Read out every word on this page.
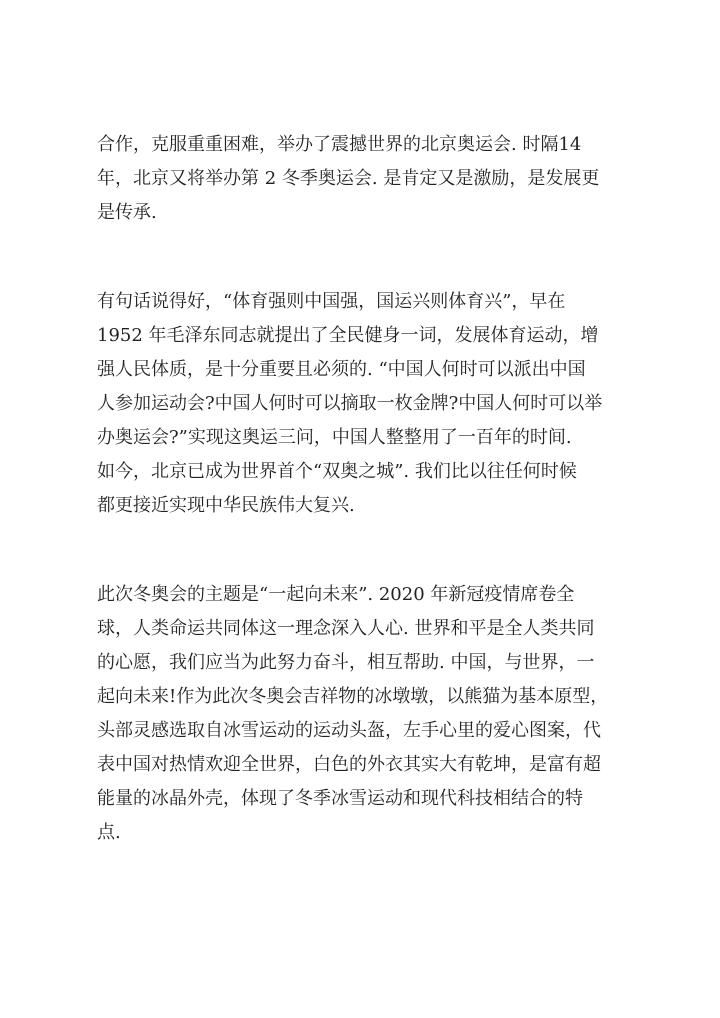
合作，克服重重困难，举办了震撼世界的北京奥运会. 时隔14
年，北京又将举办第 2 冬季奥运会. 是肯定又是激励，是发展更
是传承.

有句话说得好，“体育强则中国强，国运兴则体育兴”，早在
1952 年毛泽东同志就提出了全民健身一词，发展体育运动，增
强人民体质，是十分重要且必须的. “中国人何时可以派出中国
人参加运动会?中国人何时可以摘取一枚金牌?中国人何时可以举
办奥运会?”实现这奥运三问，中国人整整用了一百年的时间.
如今，北京已成为世界首个“双奥之城”. 我们比以往任何时候
都更接近实现中华民族伟大复兴.

此次冬奥会的主题是“一起向未来”. 2020 年新冠疫情席卷全
球，人类命运共同体这一理念深入人心. 世界和平是全人类共同
的心愿，我们应当为此努力奋斗，相互帮助. 中国，与世界，一
起向未来!作为此次冬奥会吉祥物的冰墩墩，以熊猫为基本原型，
头部灵感选取自冰雪运动的运动头盔，左手心里的爱心图案，代
表中国对热情欢迎全世界，白色的外衣其实大有乾坤，是富有超
能量的冰晶外壳，体现了冬季冰雪运动和现代科技相结合的特
点.
